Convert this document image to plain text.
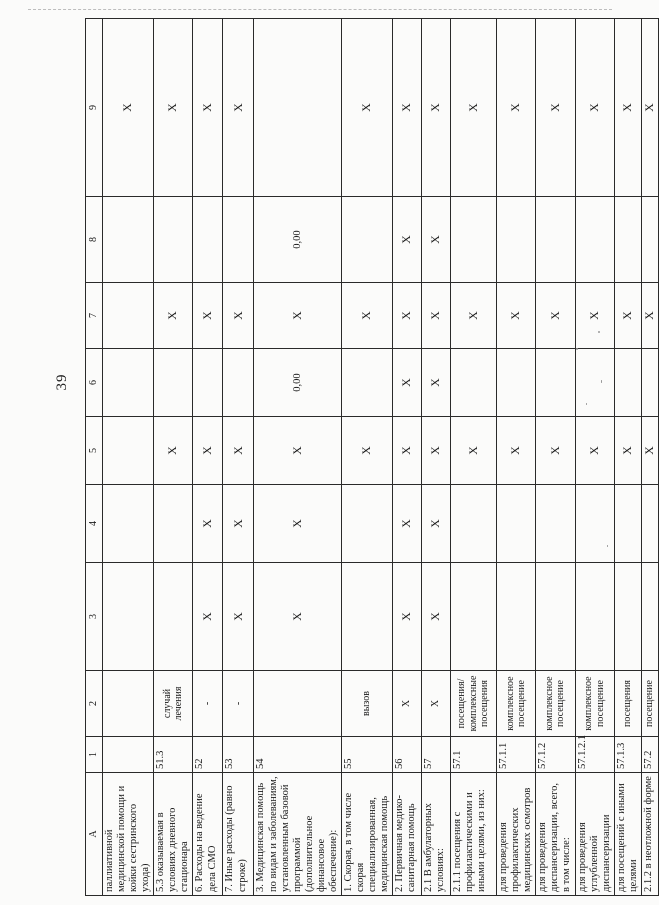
39
А	1	2	3	4	5	6	7	8	9
паллиативной медицинской помощи и койки сестринского ухода)									X
5.3 оказываемая в условиях дневного стационара	51.3	случай лечения			X		X		X
6. Расходы на ведение дела СМО	52	-	X	X	X		X		X
7. Иные расходы (равно строке)	53	-	X	X	X		X		X
3. Медицинская помощь по видам и заболеваниям, установленным базовой программой (дополнительное финансовое обеспечение):	54		X	X	X	0,00	X	0,00	
1. Скорая, в том числе скорая специализированная, медицинская помощь	55	вызов			X		X		X
2. Первичная медико-санитарная помощь	56	X	X	X	X	X	X	X	X
2.1 В амбулаторных условиях:	57	X	X	X	X	X	X	X	X
2.1.1 посещения с профилактическими и иными целями, из них:	57.1	посещения/ комплексные посещения			X		X		X
для проведения профилактических медицинских осмотров	57.1.1	комплексное посещение			X		X		X
для проведения диспансеризации, всего, в том числе:	57.1.2	комплексное посещение			X		X		X
для проведения углубленной диспансеризации	57.1.2.1	комплексное посещение			X		X		X
для посещений с иными целями	57.1.3	посещения			X		X		X
2.1.2 в неотложной форме	57.2	посещение			X		X		X
